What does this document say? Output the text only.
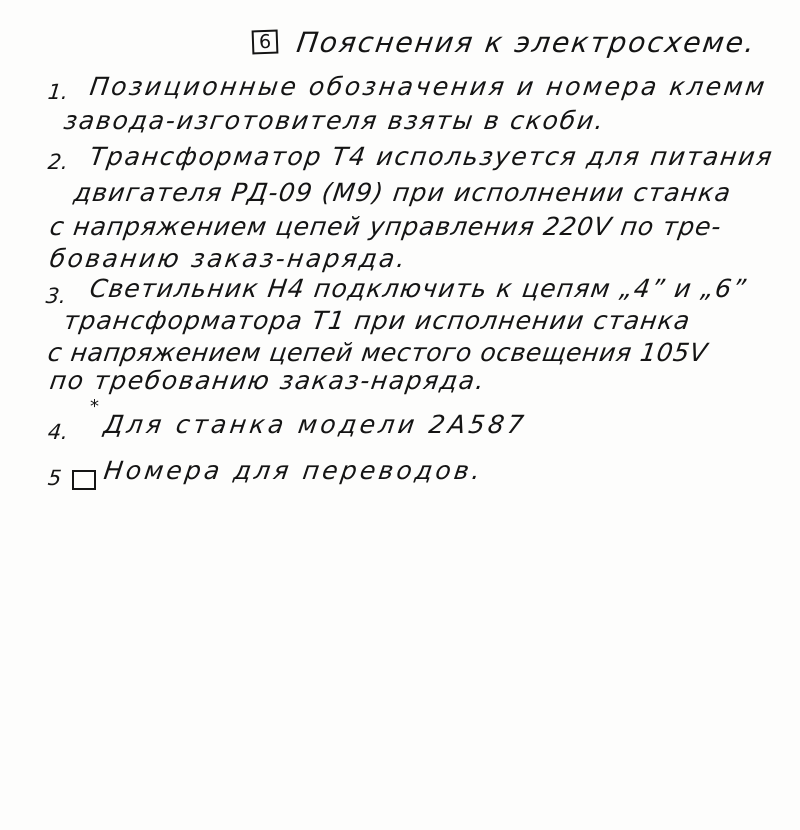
6 Пояснения к электросхеме.
1. Позиционные обозначения и номера клемм
завода-изготовителя взяты в скоби.
2. Трансформатор Т4 используется для питания
двигателя РД-09 (М9) при исполнении станка
с напряжением цепей управления 220V по тре-
бованию заказ-наряда.
3. Светильник Н4 подключить к цепям „4” и „6”
трансформатора Т1 при исполнении станка
с напряжением цепей местого освещения 105V
по требованию заказ-наряда.
4.
*
Для станка модели 2А587
5 Номера для переводов.
